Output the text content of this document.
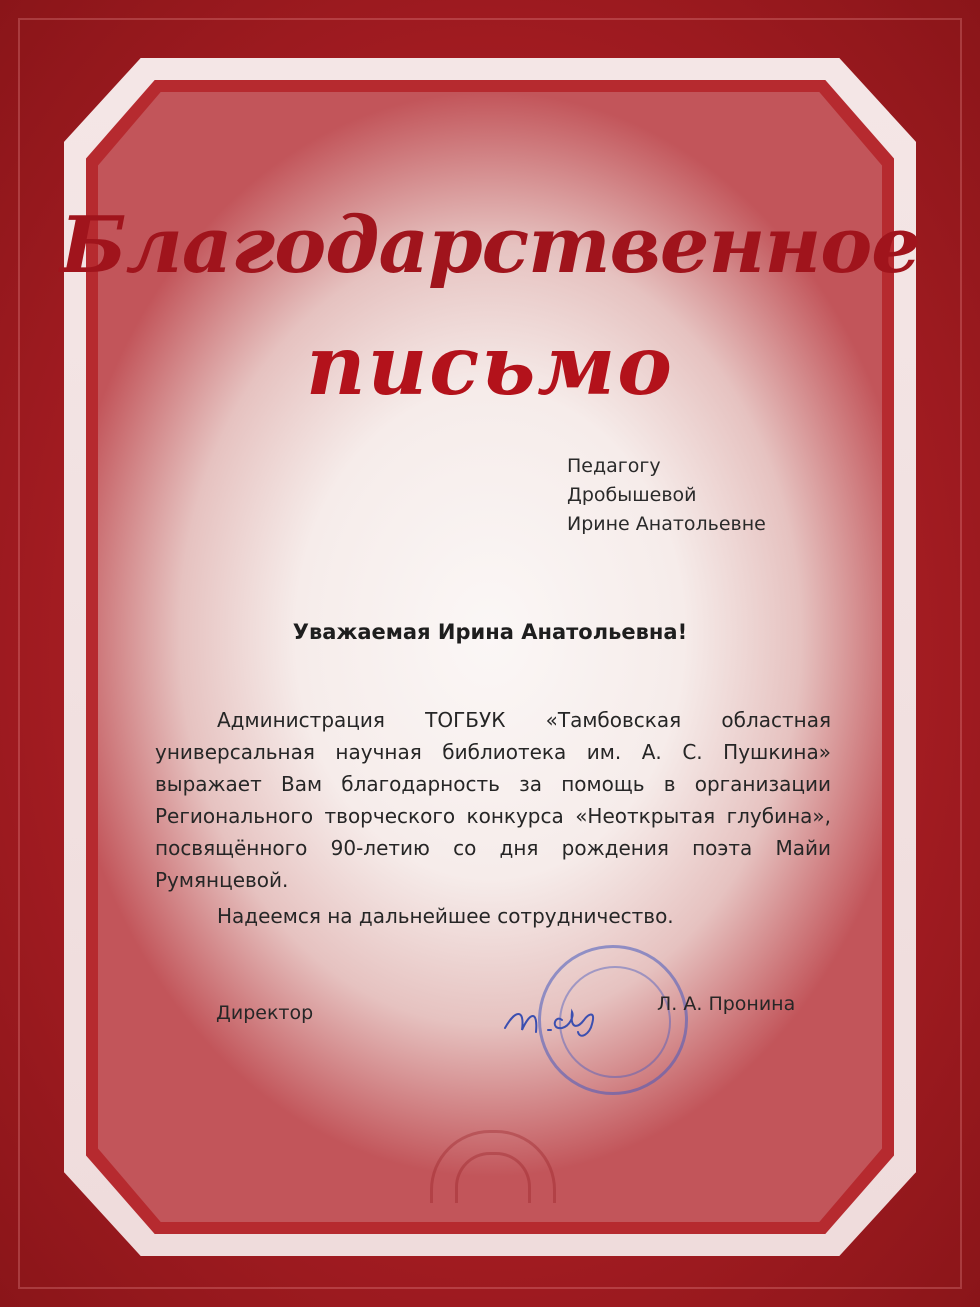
Благодарственное
письмо
Педагогу
Дробышевой
Ирине Анатольевне
Уважаемая Ирина Анатольевна!
Администрация ТОГБУК «Тамбовская областная универсальная научная библиотека им. А. С. Пушкина» выражает Вам благодарность за помощь в организации Регионального творческого конкурса «Неоткрытая глубина», посвящённого 90-летию со дня рождения поэта Майи Румянцевой.
Надеемся на дальнейшее сотрудничество.
Директор	Л. А. Пронина
